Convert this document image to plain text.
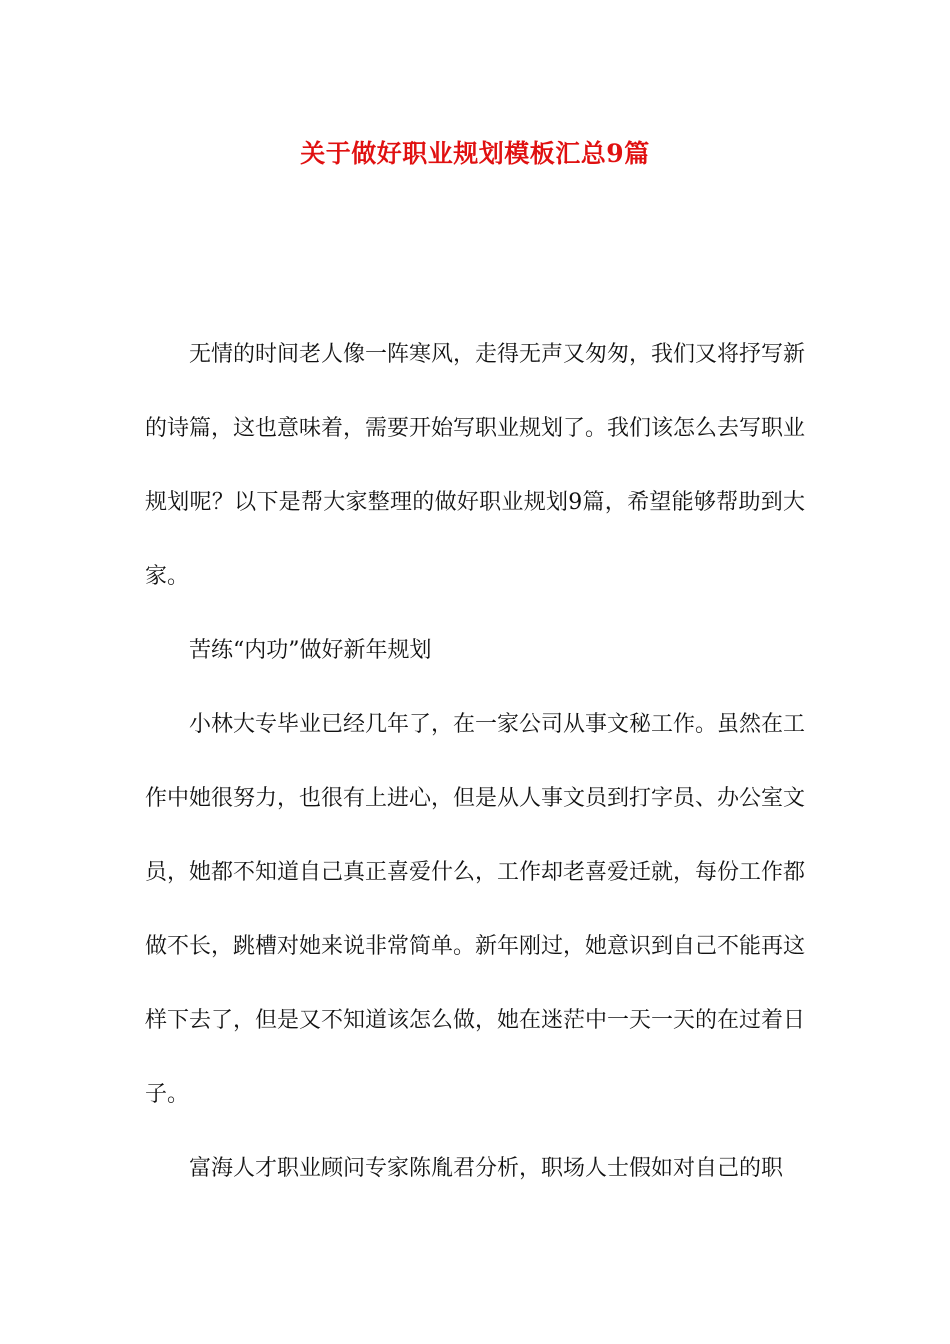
关于做好职业规划模板汇总9篇

无情的时间老人像一阵寒风，走得无声又匆匆，我们又将抒写新的诗篇，这也意味着，需要开始写职业规划了。我们该怎么去写职业规划呢？以下是帮大家整理的做好职业规划9篇，希望能够帮助到大家。

苦练“内功”做好新年规划

小林大专毕业已经几年了，在一家公司从事文秘工作。虽然在工作中她很努力，也很有上进心，但是从人事文员到打字员、办公室文员，她都不知道自己真正喜爱什么，工作却老喜爱迁就，每份工作都做不长，跳槽对她来说非常简单。新年刚过，她意识到自己不能再这样下去了，但是又不知道该怎么做，她在迷茫中一天一天的在过着日子。

富海人才职业顾问专家陈胤君分析，职场人士假如对自己的职
